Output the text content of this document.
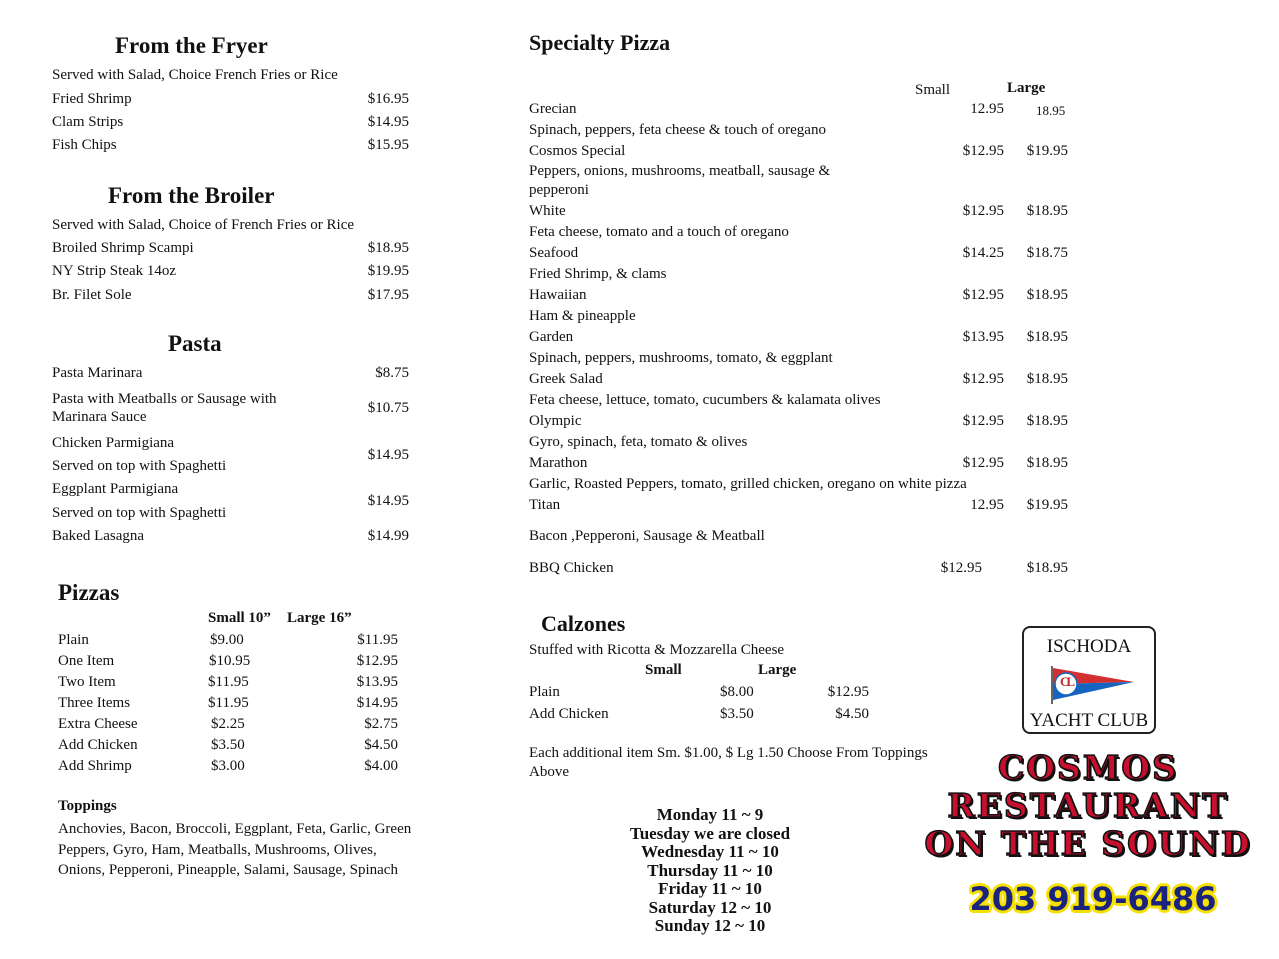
From the Fryer
Served with Salad, Choice French Fries or Rice
Fried Shrimp	$16.95
Clam Strips	$14.95
Fish Chips	$15.95
From the Broiler
Served with Salad, Choice of French Fries or Rice
Broiled Shrimp Scampi	$18.95
NY Strip Steak 14oz	$19.95
Br. Filet Sole	$17.95
Pasta
Pasta Marinara	$8.75
Pasta with Meatballs or Sausage with Marinara Sauce
$10.75
Chicken Parmigiana
Served on top with Spaghetti
$14.95
Eggplant Parmigiana
Served on top with Spaghetti
$14.95
Baked Lasagna	$14.99
Pizzas
Small 10” Large 16”
Plain	$9.00	$11.95
One Item	$10.95	$12.95
Two Item	$11.95	$13.95
Three Items	$11.95	$14.95
Extra Cheese	$2.25	$2.75
Add Chicken	$3.50	$4.50
Add Shrimp	$3.00	$4.00
Toppings
Anchovies, Bacon, Broccoli, Eggplant, Feta, Garlic, Green Peppers, Gyro, Ham, Meatballs, Mushrooms, Olives, Onions, Pepperoni, Pineapple, Salami, Sausage, Spinach
Specialty Pizza
Small	Large
Grecian	12.95 18.95
Spinach, peppers, feta cheese & touch of oregano
Cosmos Special	$12.95	$19.95
Peppers, onions, mushrooms, meatball, sausage & pepperoni
White	$12.95	$18.95
Feta cheese, tomato and a touch of oregano
Seafood	$14.25	$18.75
Fried Shrimp, & clams
Hawaiian	$12.95	$18.95
Ham & pineapple
Garden	$13.95	$18.95
Spinach, peppers, mushrooms, tomato, & eggplant
Greek Salad	$12.95	$18.95
Feta cheese, lettuce, tomato, cucumbers & kalamata olives
Olympic	$12.95	$18.95
Gyro, spinach, feta, tomato & olives
Marathon	$12.95	$18.95
Garlic, Roasted Peppers, tomato, grilled chicken, oregano on white pizza
Titan	12.95	$19.95
Bacon ,Pepperoni, Sausage & Meatball
BBQ Chicken	$12.95	$18.95
Calzones
Stuffed with Ricotta & Mozzarella Cheese
Small	Large
Plain	$8.00	$12.95
Add Chicken	$3.50	$4.50
Each additional item Sm. $1.00, $ Lg 1.50 Choose From Toppings Above
Monday 11 ~ 9
Tuesday we are closed
Wednesday 11 ~ 10
Thursday 11 ~ 10
Friday 11 ~ 10
Saturday 12 ~ 10
Sunday 12 ~ 10
ISCHODA
CL
YACHT CLUB
COSMOS
RESTAURANT
ON THE SOUND
203 919-6486
